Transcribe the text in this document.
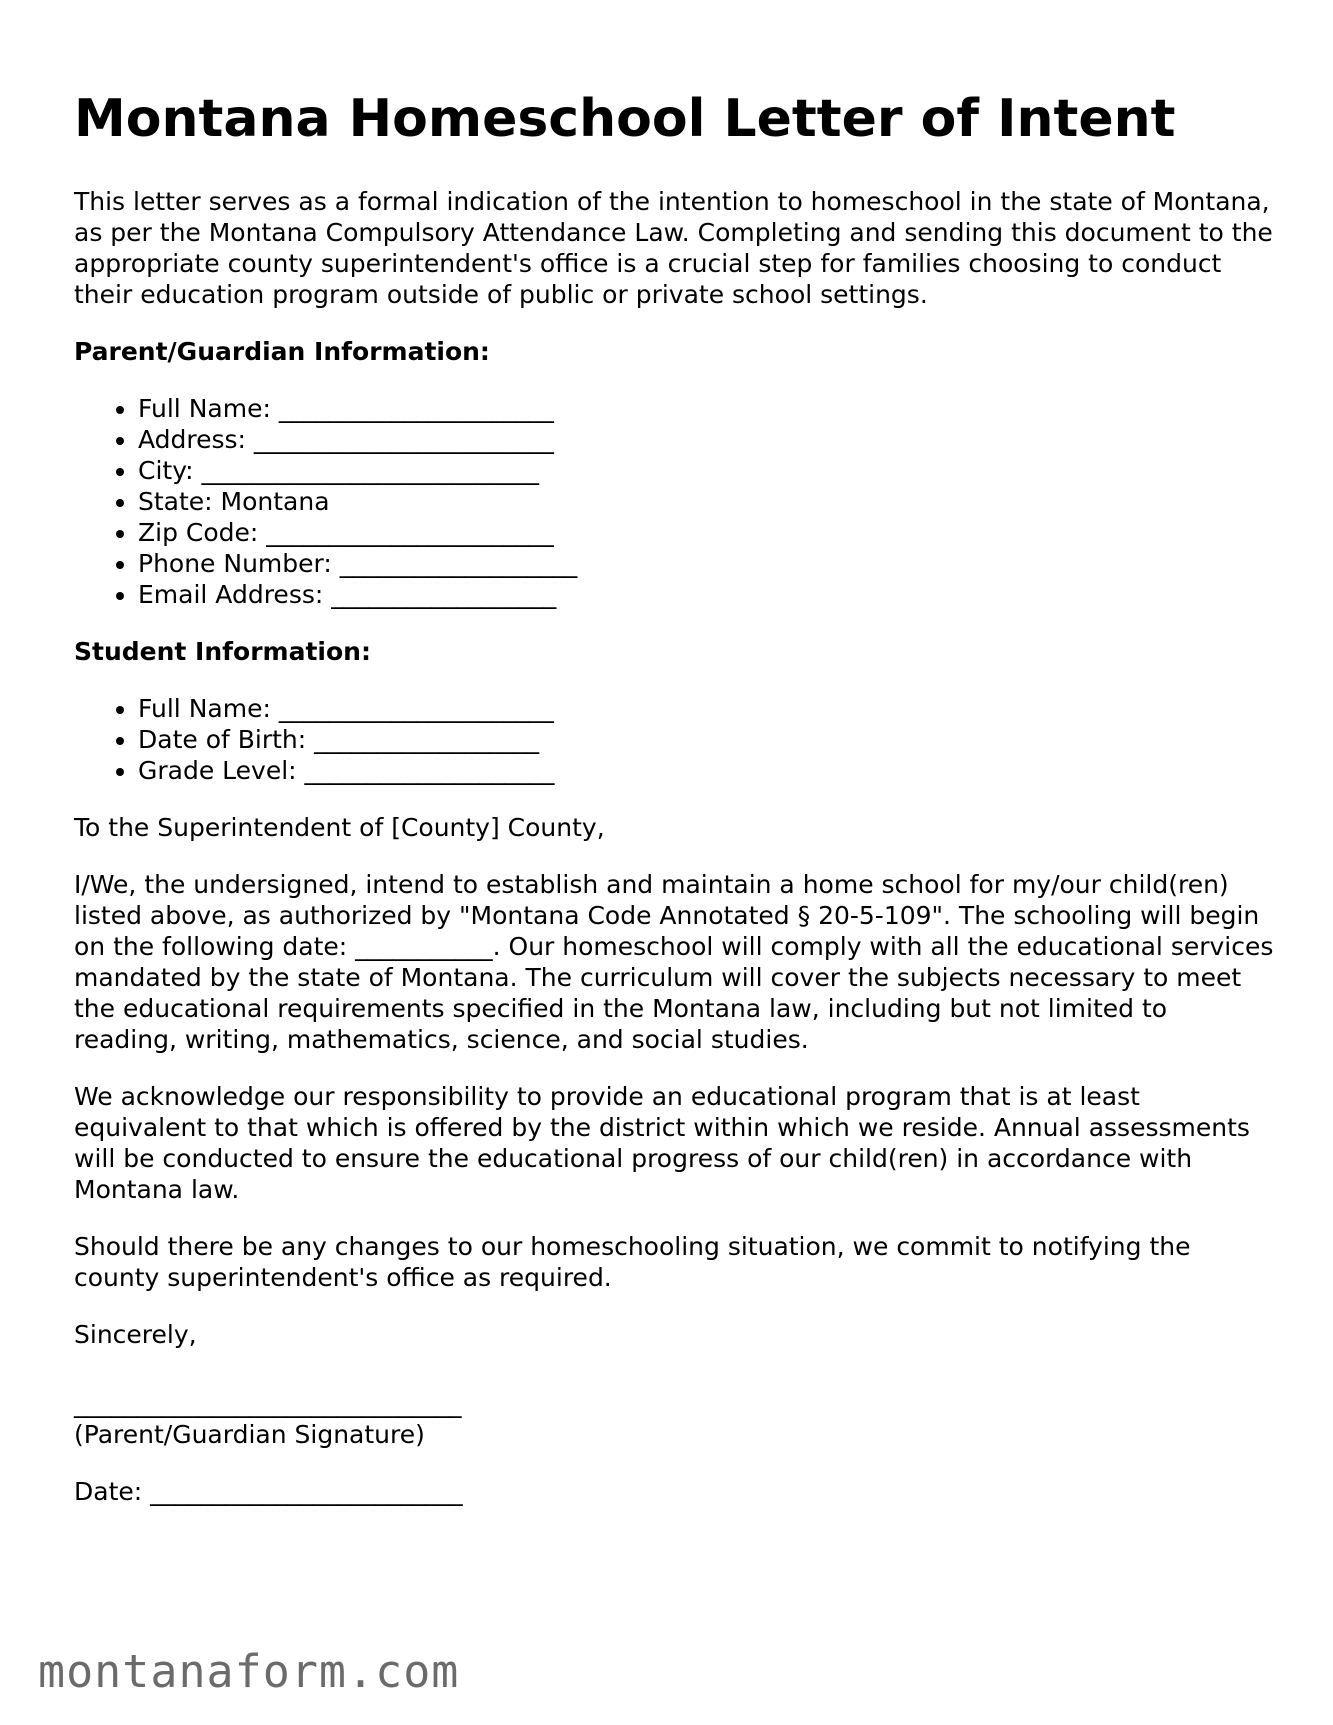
Montana Homeschool Letter of Intent

This letter serves as a formal indication of the intention to homeschool in the state of Montana, as per the Montana Compulsory Attendance Law. Completing and sending this document to the appropriate county superintendent's office is a crucial step for families choosing to conduct their education program outside of public or private school settings.

Parent/Guardian Information:

• Full Name: ______________________
• Address: ________________________
• City: ___________________________
• State: Montana
• Zip Code: _______________________
• Phone Number: ___________________
• Email Address: __________________

Student Information:

• Full Name: ______________________
• Date of Birth: __________________
• Grade Level: ____________________

To the Superintendent of [County] County,

I/We, the undersigned, intend to establish and maintain a home school for my/our child(ren) listed above, as authorized by "Montana Code Annotated § 20-5-109". The schooling will begin on the following date: ___________. Our homeschool will comply with all the educational services mandated by the state of Montana. The curriculum will cover the subjects necessary to meet the educational requirements specified in the Montana law, including but not limited to reading, writing, mathematics, science, and social studies.

We acknowledge our responsibility to provide an educational program that is at least equivalent to that which is offered by the district within which we reside. Annual assessments will be conducted to ensure the educational progress of our child(ren) in accordance with Montana law.

Should there be any changes to our homeschooling situation, we commit to notifying the county superintendent's office as required.

Sincerely,

_______________________________
(Parent/Guardian Signature)

Date: _________________________

montanaform.com
